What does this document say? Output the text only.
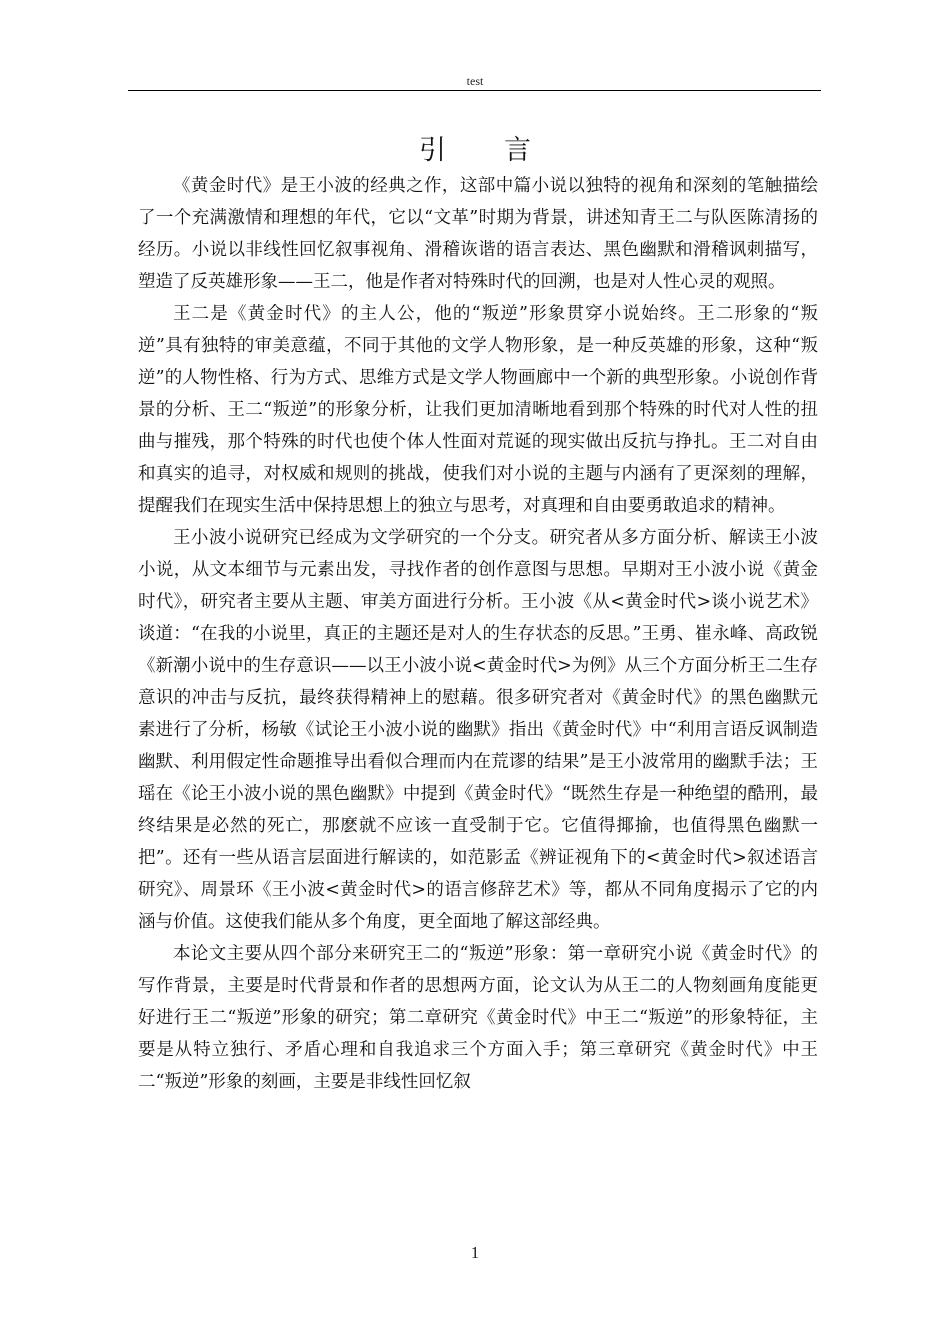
test
引言

《黄金时代》是王小波的经典之作，这部中篇小说以独特的视角和深刻的笔触描绘了一个充满激情和理想的年代，它以“文革”时期为背景，讲述知青王二与队医陈清扬的经历。小说以非线性回忆叙事视角、滑稽诙谐的语言表达、黑色幽默和滑稽讽刺描写，塑造了反英雄形象——王二，他是作者对特殊时代的回溯，也是对人性心灵的观照。

王二是《黄金时代》的主人公，他的“叛逆”形象贯穿小说始终。王二形象的“叛逆”具有独特的审美意蕴，不同于其他的文学人物形象，是一种反英雄的形象，这种“叛逆”的人物性格、行为方式、思维方式是文学人物画廊中一个新的典型形象。小说创作背景的分析、王二“叛逆”的形象分析，让我们更加清晰地看到那个特殊的时代对人性的扭曲与摧残，那个特殊的时代也使个体人性面对荒诞的现实做出反抗与挣扎。王二对自由和真实的追寻，对权威和规则的挑战，使我们对小说的主题与内涵有了更深刻的理解，提醒我们在现实生活中保持思想上的独立与思考，对真理和自由要勇敢追求的精神。

王小波小说研究已经成为文学研究的一个分支。研究者从多方面分析、解读王小波小说，从文本细节与元素出发，寻找作者的创作意图与思想。早期对王小波小说《黄金时代》，研究者主要从主题、审美方面进行分析。王小波《从<黄金时代>谈小说艺术》谈道：“在我的小说里，真正的主题还是对人的生存状态的反思。”王勇、崔永峰、高政锐《新潮小说中的生存意识——以王小波小说<黄金时代>为例》从三个方面分析王二生存意识的冲击与反抗，最终获得精神上的慰藉。很多研究者对《黄金时代》的黑色幽默元素进行了分析，杨敏《试论王小波小说的幽默》指出《黄金时代》中“利用言语反讽制造幽默、利用假定性命题推导出看似合理而内在荒谬的结果”是王小波常用的幽默手法；王瑶在《论王小波小说的黑色幽默》中提到《黄金时代》“既然生存是一种绝望的酷刑，最终结果是必然的死亡，那麽就不应该一直受制于它。它值得揶揄，也值得黑色幽默一把”。还有一些从语言层面进行解读的，如范影孟《辨证视角下的<黄金时代>叙述语言研究》、周景环《王小波<黄金时代>的语言修辞艺术》等，都从不同角度揭示了它的内涵与价值。这使我们能从多个角度，更全面地了解这部经典。

本论文主要从四个部分来研究王二的“叛逆”形象：第一章研究小说《黄金时代》的写作背景，主要是时代背景和作者的思想两方面，论文认为从王二的人物刻画角度能更好进行王二“叛逆”形象的研究；第二章研究《黄金时代》中王二“叛逆”的形象特征，主要是从特立独行、矛盾心理和自我追求三个方面入手；第三章研究《黄金时代》中王二“叛逆”形象的刻画，主要是非线性回忆叙

1
